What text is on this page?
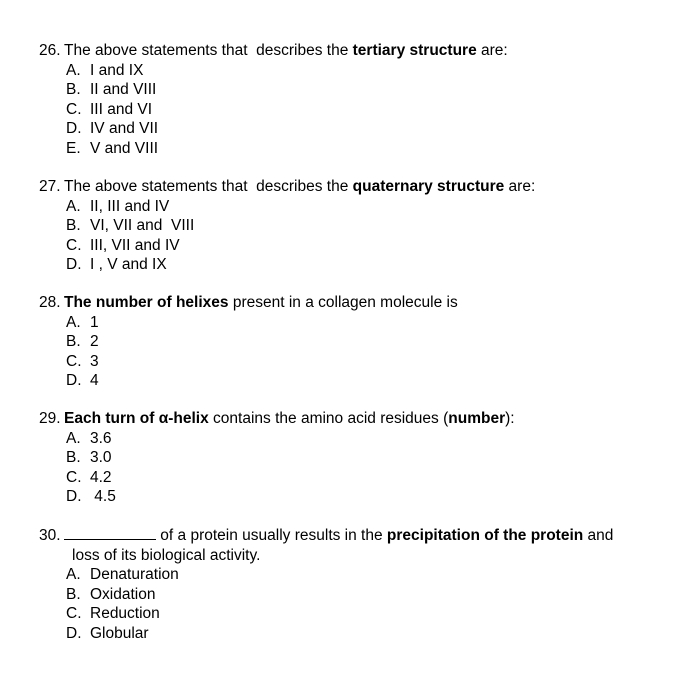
26. The above statements that  describes the tertiary structure are:
A. I and IX
B. II and VIII
C. III and VI
D. IV and VII
E. V and VIII
27. The above statements that  describes the quaternary structure are:
A. II, III and IV
B. VI, VII and  VIII
C. III, VII and IV
D. I , V and IX
28. The number of helixes present in a collagen molecule is
A. 1
B. 2
C. 3
D. 4
29. Each turn of α-helix contains the amino acid residues (number):
A. 3.6
B. 3.0
C. 4.2
D. 4.5
30.	of a protein usually results in the precipitation of the protein and
loss of its biological activity.
A. Denaturation
B. Oxidation
C. Reduction
D. Globular
